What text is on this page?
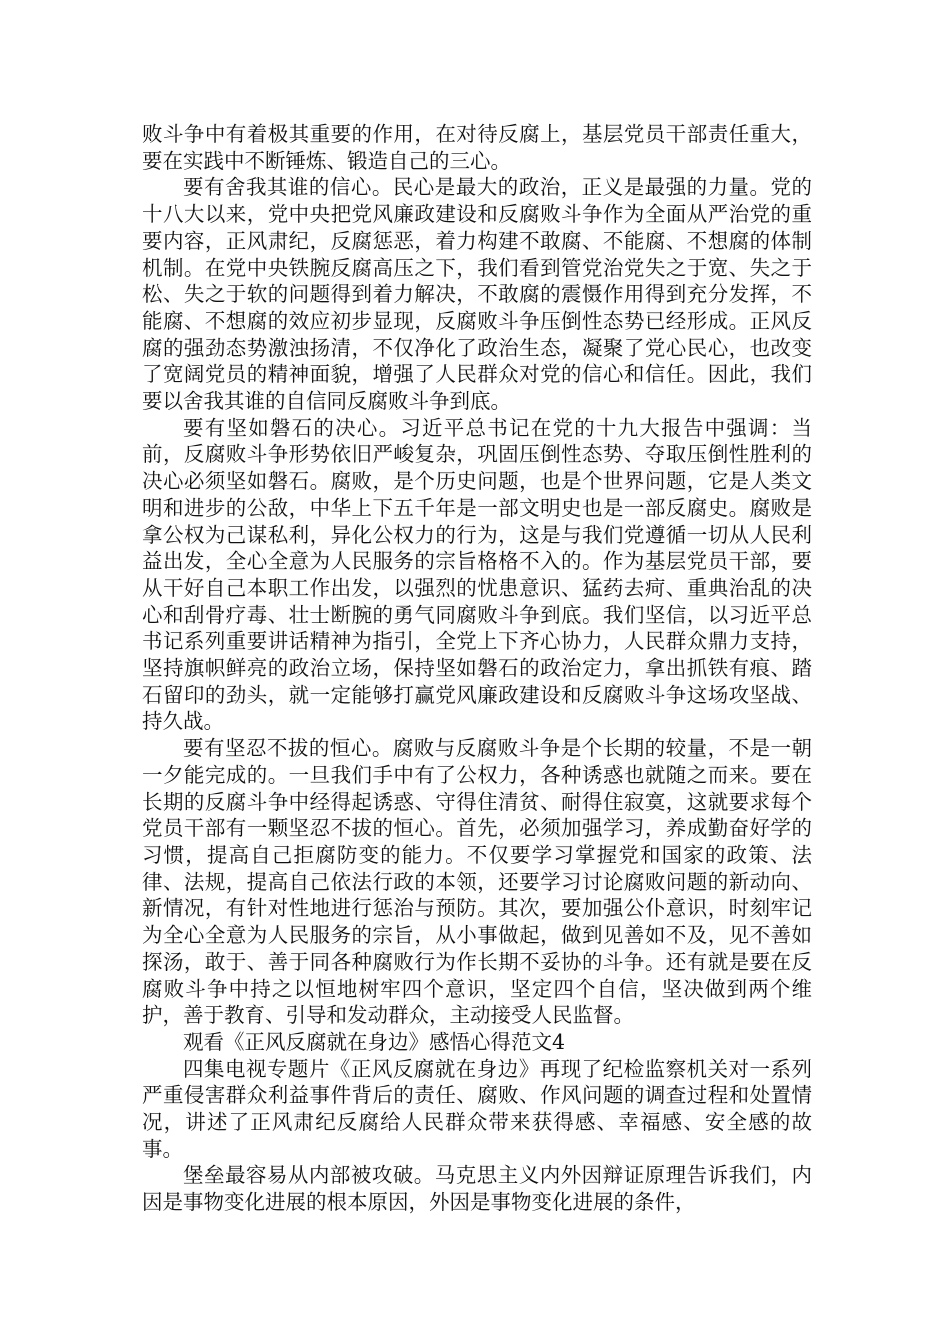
败斗争中有着极其重要的作用，在对待反腐上，基层党员干部责任重大，要在实践中不断锤炼、锻造自己的三心。

要有舍我其谁的信心。民心是最大的政治，正义是最强的力量。党的十八大以来，党中央把党风廉政建设和反腐败斗争作为全面从严治党的重要内容，正风肃纪，反腐惩恶，着力构建不敢腐、不能腐、不想腐的体制机制。在党中央铁腕反腐高压之下，我们看到管党治党失之于宽、失之于松、失之于软的问题得到着力解决，不敢腐的震慑作用得到充分发挥，不能腐、不想腐的效应初步显现，反腐败斗争压倒性态势已经形成。正风反腐的强劲态势激浊扬清，不仅净化了政治生态，凝聚了党心民心，也改变了宽阔党员的精神面貌，增强了人民群众对党的信心和信任。因此，我们要以舍我其谁的自信同反腐败斗争到底。

要有坚如磐石的决心。习近平总书记在党的十九大报告中强调：当前，反腐败斗争形势依旧严峻复杂，巩固压倒性态势、夺取压倒性胜利的决心必须坚如磐石。腐败，是个历史问题，也是个世界问题，它是人类文明和进步的公敌，中华上下五千年是一部文明史也是一部反腐史。腐败是拿公权为己谋私利，异化公权力的行为，这是与我们党遵循一切从人民利益出发，全心全意为人民服务的宗旨格格不入的。作为基层党员干部，要从干好自己本职工作出发，以强烈的忧患意识、猛药去疴、重典治乱的决心和刮骨疗毒、壮士断腕的勇气同腐败斗争到底。我们坚信，以习近平总书记系列重要讲话精神为指引，全党上下齐心协力，人民群众鼎力支持，坚持旗帜鲜亮的政治立场，保持坚如磐石的政治定力，拿出抓铁有痕、踏石留印的劲头，就一定能够打赢党风廉政建设和反腐败斗争这场攻坚战、持久战。

要有坚忍不拔的恒心。腐败与反腐败斗争是个长期的较量，不是一朝一夕能完成的。一旦我们手中有了公权力，各种诱惑也就随之而来。要在长期的反腐斗争中经得起诱惑、守得住清贫、耐得住寂寞，这就要求每个党员干部有一颗坚忍不拔的恒心。首先，必须加强学习，养成勤奋好学的习惯，提高自己拒腐防变的能力。不仅要学习掌握党和国家的政策、法律、法规，提高自己依法行政的本领，还要学习讨论腐败问题的新动向、新情况，有针对性地进行惩治与预防。其次，要加强公仆意识，时刻牢记为全心全意为人民服务的宗旨，从小事做起，做到见善如不及，见不善如探汤，敢于、善于同各种腐败行为作长期不妥协的斗争。还有就是要在反腐败斗争中持之以恒地树牢四个意识，坚定四个自信，坚决做到两个维护，善于教育、引导和发动群众，主动接受人民监督。

观看《正风反腐就在身边》感悟心得范文4

四集电视专题片《正风反腐就在身边》再现了纪检监察机关对一系列严重侵害群众利益事件背后的责任、腐败、作风问题的调查过程和处置情况，讲述了正风肃纪反腐给人民群众带来获得感、幸福感、安全感的故事。

堡垒最容易从内部被攻破。马克思主义内外因辩证原理告诉我们，内因是事物变化进展的根本原因，外因是事物变化进展的条件，
